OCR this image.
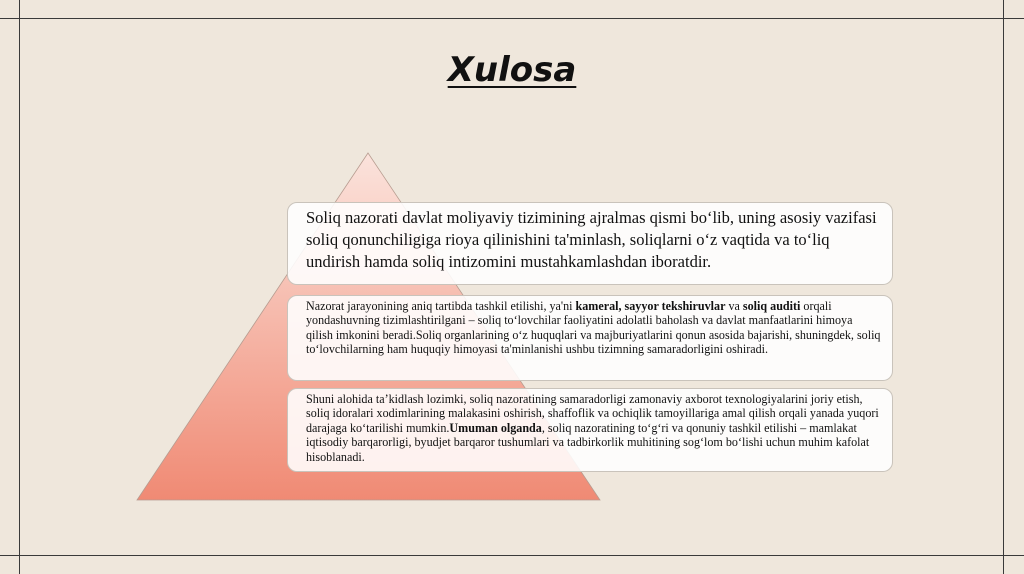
Xulosa
Soliq nazorati davlat moliyaviy tizimining ajralmas qismi bo‘lib, uning asosiy vazifasi soliq qonunchiligiga rioya qilinishini ta'minlash, soliqlarni o‘z vaqtida va to‘liq undirish hamda soliq intizomini mustahkamlashdan iboratdir.
Nazorat jarayonining aniq tartibda tashkil etilishi, ya'ni kameral, sayyor tekshiruvlar va soliq auditi orqali yondashuvning tizimlashtirilgani – soliq to‘lovchilar faoliyatini adolatli baholash va davlat manfaatlarini himoya qilish imkonini beradi.Soliq organlarining o‘z huquqlari va majburiyatlarini qonun asosida bajarishi, shuningdek, soliq to‘lovchilarning ham huquqiy himoyasi ta'minlanishi ushbu tizimning samaradorligini oshiradi.
Shuni alohida ta’kidlash lozimki, soliq nazoratining samaradorligi zamonaviy axborot texnologiyalarini joriy etish, soliq idoralari xodimlarining malakasini oshirish, shaffoflik va ochiqlik tamoyillariga amal qilish orqali yanada yuqori darajaga ko‘tarilishi mumkin.Umuman olganda, soliq nazoratining to‘g‘ri va qonuniy tashkil etilishi – mamlakat iqtisodiy barqarorligi, byudjet barqaror tushumlari va tadbirkorlik muhitining sog‘lom bo‘lishi uchun muhim kafolat hisoblanadi.
